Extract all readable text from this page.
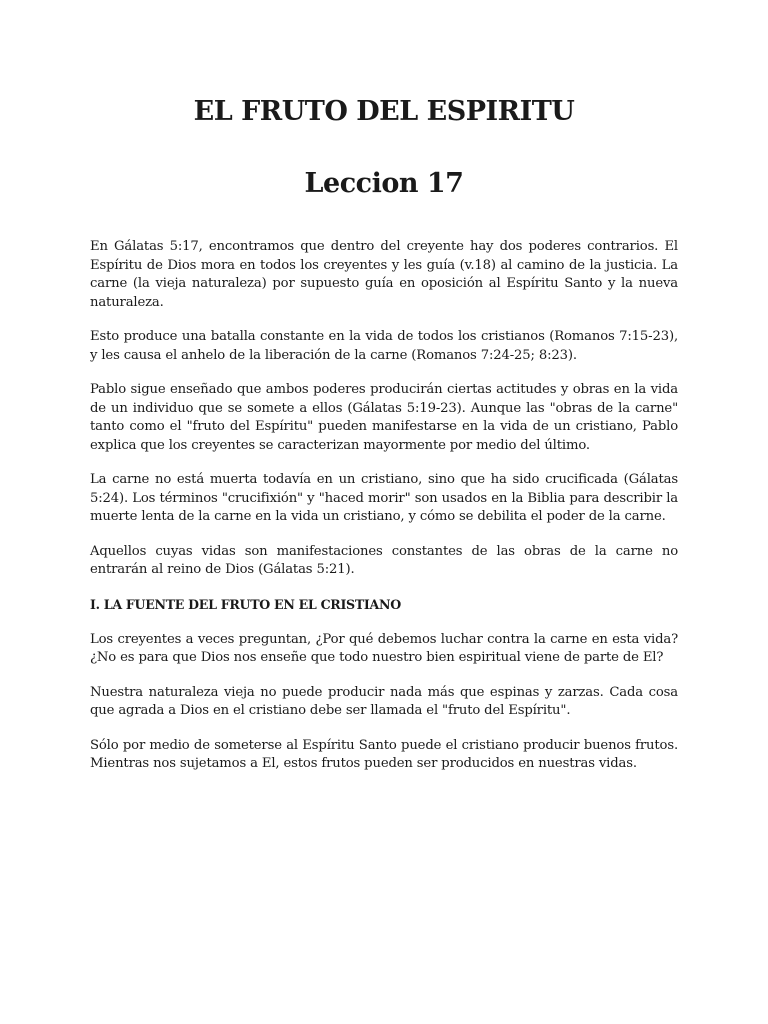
EL FRUTO DEL ESPIRITU
Leccion 17

En Gálatas 5:17, encontramos que dentro del creyente hay dos poderes contrarios. El Espíritu de Dios mora en todos los creyentes y les guía (v.18) al camino de la justicia. La carne (la vieja naturaleza) por supuesto guía en oposición al Espíritu Santo y la nueva naturaleza.

Esto produce una batalla constante en la vida de todos los cristianos (Romanos 7:15-23), y les causa el anhelo de la liberación de la carne (Romanos 7:24-25; 8:23).

Pablo sigue enseñado que ambos poderes producirán ciertas actitudes y obras en la vida de un individuo que se somete a ellos (Gálatas 5:19-23). Aunque las "obras de la carne" tanto como el "fruto del Espíritu" pueden manifestarse en la vida de un cristiano, Pablo explica que los creyentes se caracterizan mayormente por medio del último.

La carne no está muerta todavía en un cristiano, sino que ha sido crucificada (Gálatas 5:24). Los términos "crucifixión" y "haced morir" son usados en la Biblia para describir la muerte lenta de la carne en la vida un cristiano, y cómo se debilita el poder de la carne.

Aquellos cuyas vidas son manifestaciones constantes de las obras de la carne no entrarán al reino de Dios (Gálatas 5:21).

I. LA FUENTE DEL FRUTO EN EL CRISTIANO

Los creyentes a veces preguntan, ¿Por qué debemos luchar contra la carne en esta vida? ¿No es para que Dios nos enseñe que todo nuestro bien espiritual viene de parte de El?

Nuestra naturaleza vieja no puede producir nada más que espinas y zarzas. Cada cosa que agrada a Dios en el cristiano debe ser llamada el "fruto del Espíritu".

Sólo por medio de someterse al Espíritu Santo puede el cristiano producir buenos frutos. Mientras nos sujetamos a El, estos frutos pueden ser producidos en nuestras vidas.
